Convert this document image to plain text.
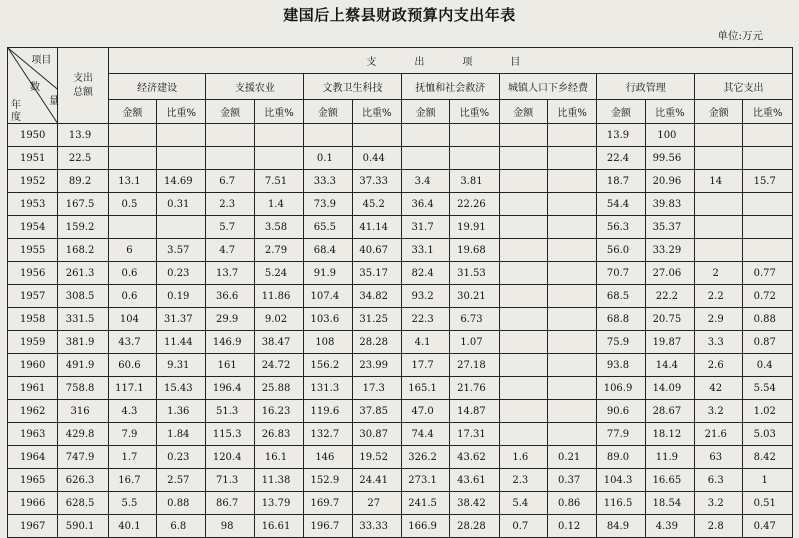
建国后上蔡县财政预算内支出年表
单位:万元
项目
数
量
年
度	支出总额	支　出　项　目													
		经济建设		支援农业		文教卫生科技		抚恤和社会救济		城镇人口下乡经费		行政管理		其它支出	
		金额	比重%	金额	比重%	金额	比重%	金额	比重%	金额	比重%	金额	比重%	金额	比重%
1950	13.9											13.9	100		
1951	22.5					0.1	0.44					22.4	99.56		
1952	89.2	13.1	14.69	6.7	7.51	33.3	37.33	3.4	3.81			18.7	20.96	14	15.7
1953	167.5	0.5	0.31	2.3	1.4	73.9	45.2	36.4	22.26			54.4	39.83		
1954	159.2			5.7	3.58	65.5	41.14	31.7	19.91			56.3	35.37		
1955	168.2	6	3.57	4.7	2.79	68.4	40.67	33.1	19.68			56.0	33.29		
1956	261.3	0.6	0.23	13.7	5.24	91.9	35.17	82.4	31.53			70.7	27.06	2	0.77
1957	308.5	0.6	0.19	36.6	11.86	107.4	34.82	93.2	30.21			68.5	22.2	2.2	0.72
1958	331.5	104	31.37	29.9	9.02	103.6	31.25	22.3	6.73			68.8	20.75	2.9	0.88
1959	381.9	43.7	11.44	146.9	38.47	108	28.28	4.1	1.07			75.9	19.87	3.3	0.87
1960	491.9	60.6	9.31	161	24.72	156.2	23.99	17.7	27.18			93.8	14.4	2.6	0.4
1961	758.8	117.1	15.43	196.4	25.88	131.3	17.3	165.1	21.76			106.9	14.09	42	5.54
1962	316	4.3	1.36	51.3	16.23	119.6	37.85	47.0	14.87			90.6	28.67	3.2	1.02
1963	429.8	7.9	1.84	115.3	26.83	132.7	30.87	74.4	17.31			77.9	18.12	21.6	5.03
1964	747.9	1.7	0.23	120.4	16.1	146	19.52	326.2	43.62	1.6	0.21	89.0	11.9	63	8.42
1965	626.3	16.7	2.57	71.3	11.38	152.9	24.41	273.1	43.61	2.3	0.37	104.3	16.65	6.3	1
1966	628.5	5.5	0.88	86.7	13.79	169.7	27	241.5	38.42	5.4	0.86	116.5	18.54	3.2	0.51
1967	590.1	40.1	6.8	98	16.61	196.7	33.33	166.9	28.28	0.7	0.12	84.9	4.39	2.8	0.47
